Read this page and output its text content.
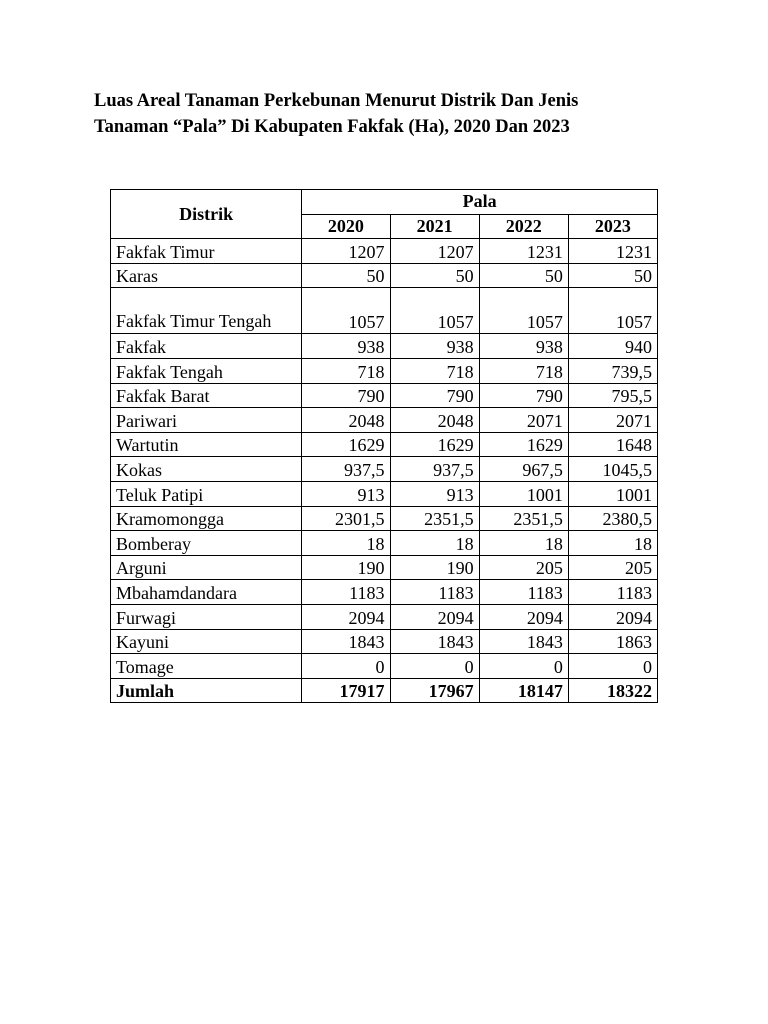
Luas Areal Tanaman Perkebunan Menurut Distrik Dan Jenis
Tanaman “Pala” Di Kabupaten Fakfak (Ha), 2020 Dan 2023
Distrik	Pala			
	2020	2021	2022	2023
Fakfak Timur	1207	1207	1231	1231
Karas	50	50	50	50
Fakfak Timur Tengah	1057	1057	1057	1057
Fakfak	938	938	938	940
Fakfak Tengah	718	718	718	739,5
Fakfak Barat	790	790	790	795,5
Pariwari	2048	2048	2071	2071
Wartutin	1629	1629	1629	1648
Kokas	937,5	937,5	967,5	1045,5
Teluk Patipi	913	913	1001	1001
Kramomongga	2301,5	2351,5	2351,5	2380,5
Bomberay	18	18	18	18
Arguni	190	190	205	205
Mbahamdandara	1183	1183	1183	1183
Furwagi	2094	2094	2094	2094
Kayuni	1843	1843	1843	1863
Tomage	0	0	0	0
Jumlah	17917	17967	18147	18322
